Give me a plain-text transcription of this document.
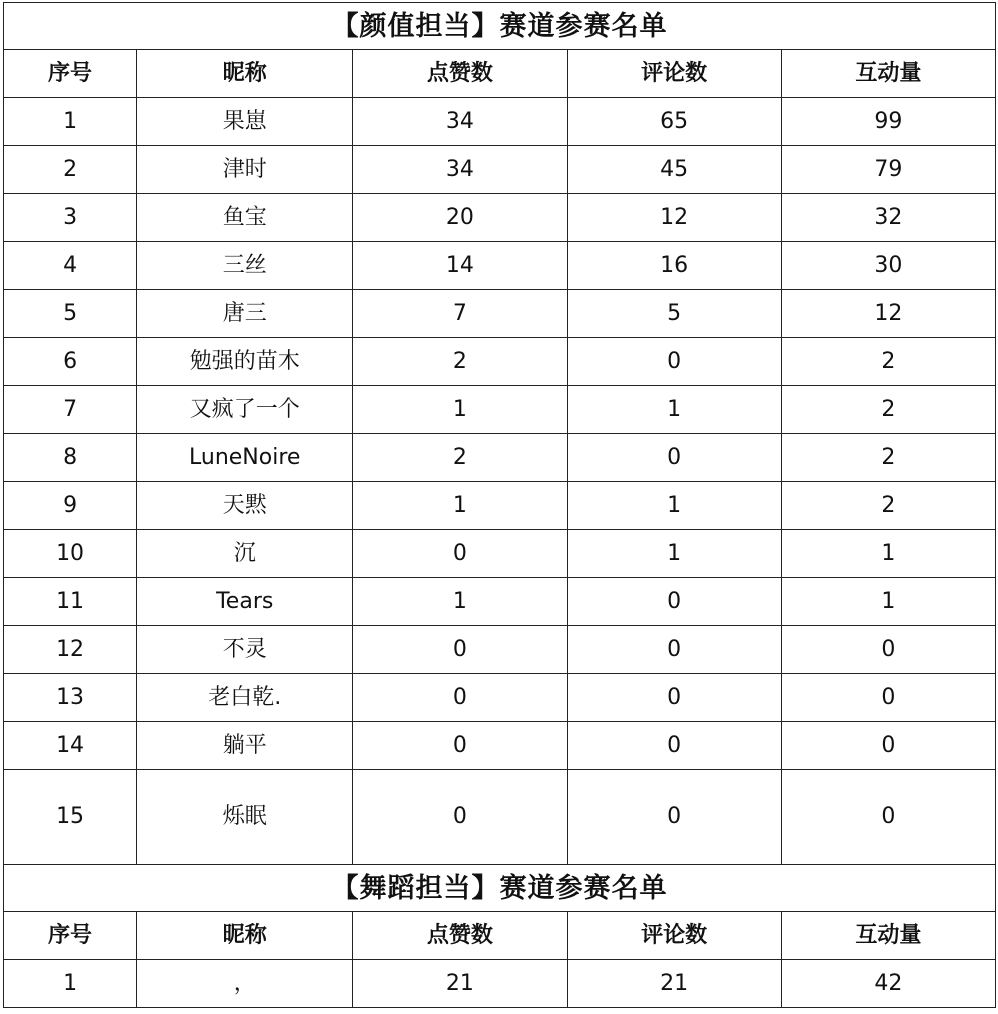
【颜值担当】赛道参赛名单				
序号	昵称	点赞数	评论数	互动量
1	果崽	34	65	99
2	津时	34	45	79
3	鱼宝	20	12	32
4	三丝	14	16	30
5	唐三	7	5	12
6	勉强的苗木	2	0	2
7	又疯了一个	1	1	2
8	LuneNoire	2	0	2
9	天黙	1	1	2
10	沉	0	1	1
11	Tears	1	0	1
12	不灵	0	0	0
13	老白乾.	0	0	0
14	躺平	0	0	0
15	烁眠	0	0	0
【舞蹈担当】赛道参赛名单				
序号	昵称	点赞数	评论数	互动量
1	，	21	21	42
